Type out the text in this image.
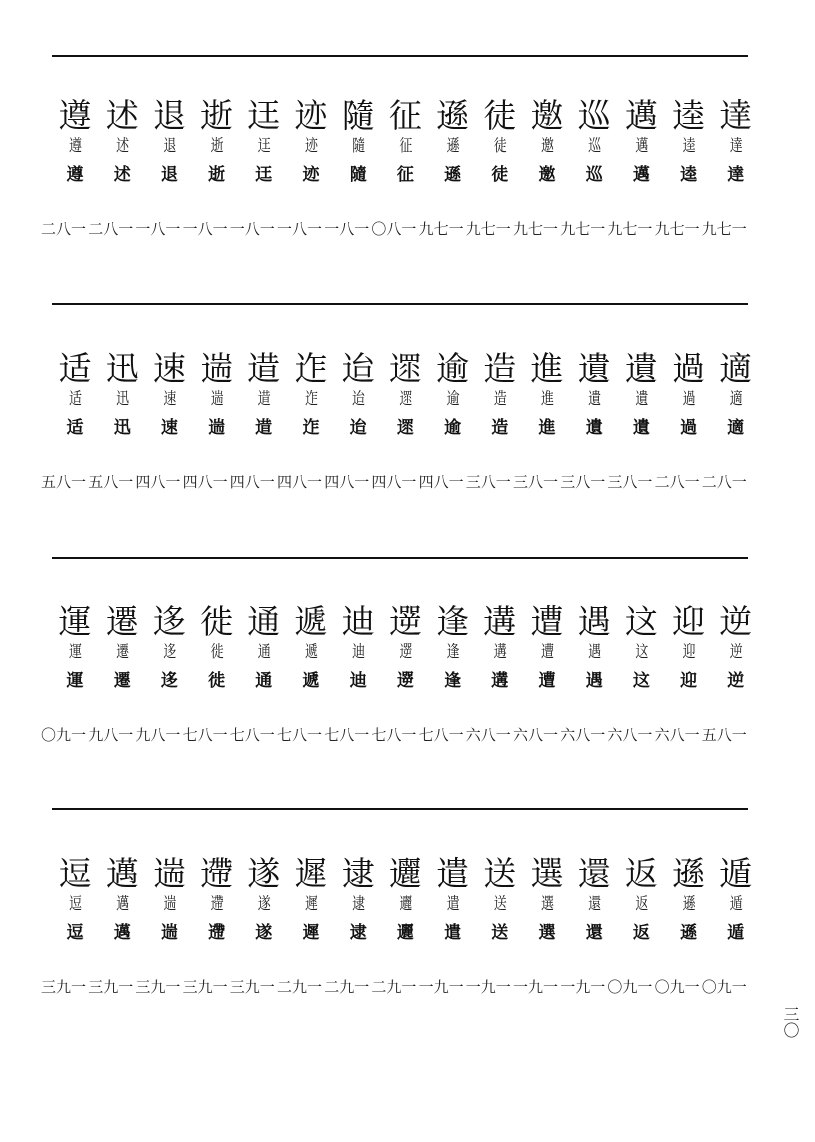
遵
遵
遵
一八二
述
述
述
一八二
退
退
退
一八一
逝
逝
逝
一八一
迋
迋
迋
一八一
迹
迹
迹
一八一
隨
隨
隨
一八一
征
征
征
一八〇
遜
遜
遜
一七九
徒
徒
徒
一七九
邀
邀
邀
一七九
巡
巡
巡
一七九
邁
邁
邁
一七九
逵
逵
逵
一七九
達
達
達
一七九
适
适
适
一八五
迅
迅
迅
一八五
速
速
速
一八四
遄
遄
遄
一八四
逪
逪
逪
一八四
迮
迮
迮
一八四
迨
迨
迨
一八四
遝
遝
遝
一八四
逾
逾
逾
一八四
造
造
造
一八三
進
進
進
一八三
遺
遺
遺
一八三
遺
遺
遺
一八三
過
過
過
一八二
適
適
適
一八二
運
運
運
一九〇
遷
遷
遷
一八九
迻
迻
迻
一八九
徙
徙
徙
一八七
通
通
通
一八七
遞
遞
遞
一八七
迪
迪
迪
一八七
遻
遻
遻
一八七
逢
逢
逢
一八七
遘
遘
遘
一八六
遭
遭
遭
一八六
遇
遇
遇
一八六
这
这
这
一八六
迎
迎
迎
一八六
逆
逆
逆
一八五
逗
逗
逗
一九三
邁
邁
邁
一九三
遄
遄
遄
一九三
遰
遰
遰
一九三
遂
遂
遂
一九三
遲
遲
遲
一九二
逮
逮
逮
一九二
邐
邐
邐
一九二
遣
遣
遣
一九一
送
送
送
一九一
選
選
選
一九一
還
還
還
一九一
返
返
返
一九〇
遜
遜
遜
一九〇
遁
遁
遁
一九〇
三〇
